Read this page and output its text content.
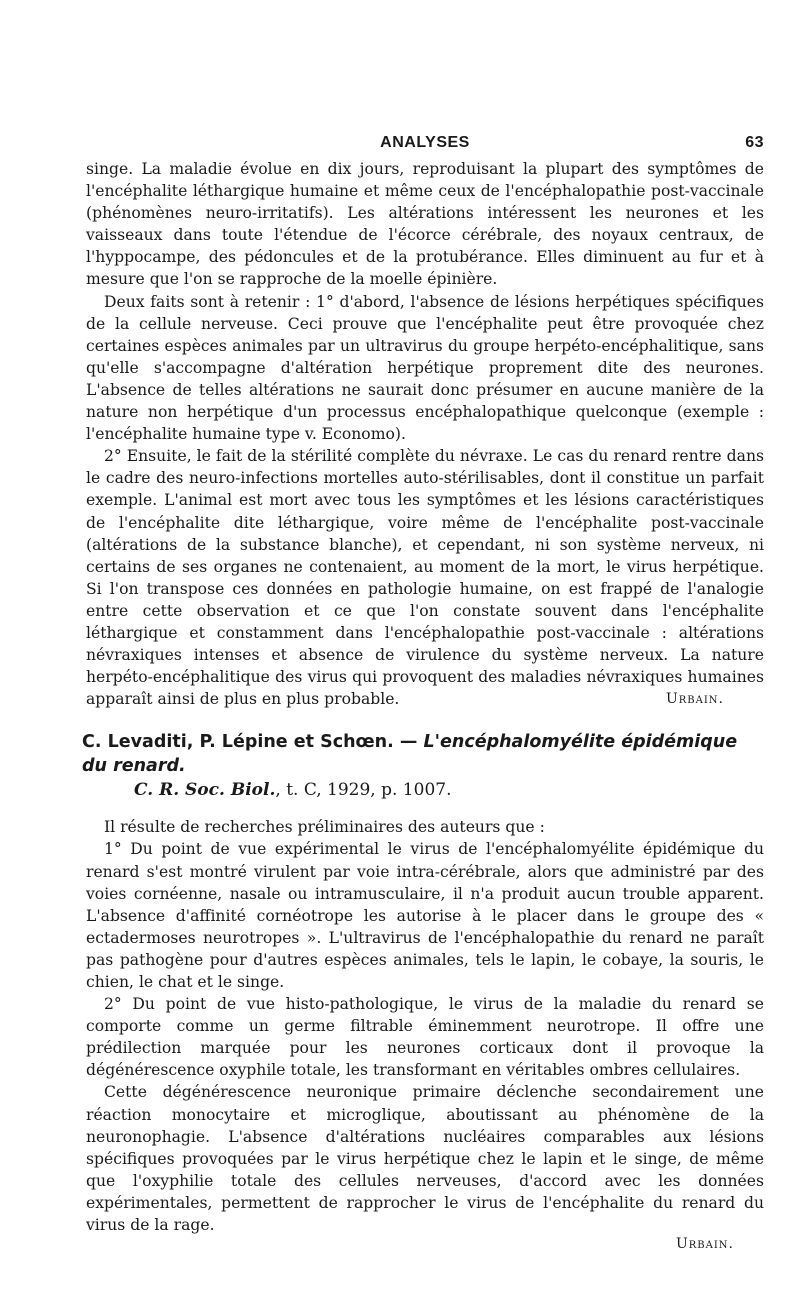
ANALYSES	63

singe. La maladie évolue en dix jours, reproduisant la plupart des symptômes de l'encéphalite léthargique humaine et même ceux de l'encéphalopathie post-vaccinale (phénomènes neuro-irritatifs). Les altérations intéressent les neurones et les vaisseaux dans toute l'étendue de l'écorce cérébrale, des noyaux centraux, de l'hyppocampe, des pédoncules et de la protubérance. Elles diminuent au fur et à mesure que l'on se rapproche de la moelle épinière.

Deux faits sont à retenir : 1° d'abord, l'absence de lésions herpétiques spécifiques de la cellule nerveuse. Ceci prouve que l'encéphalite peut être provoquée chez certaines espèces animales par un ultravirus du groupe herpéto-encéphalitique, sans qu'elle s'accompagne d'altération herpétique proprement dite des neurones. L'absence de telles altérations ne saurait donc présumer en aucune manière de la nature non herpétique d'un processus encéphalopathique quelconque (exemple : l'encéphalite humaine type v. Economo).

2° Ensuite, le fait de la stérilité complète du névraxe. Le cas du renard rentre dans le cadre des neuro-infections mortelles auto-stérilisables, dont il constitue un parfait exemple. L'animal est mort avec tous les symptômes et les lésions caractéristiques de l'encéphalite dite léthargique, voire même de l'encéphalite post-vaccinale (altérations de la substance blanche), et cependant, ni son système nerveux, ni certains de ses organes ne contenaient, au moment de la mort, le virus herpétique. Si l'on transpose ces données en pathologie humaine, on est frappé de l'analogie entre cette observation et ce que l'on constate souvent dans l'encéphalite léthargique et constamment dans l'encéphalopathie post-vaccinale : altérations névraxiques intenses et absence de virulence du système nerveux. La nature herpéto-encéphalitique des virus qui provoquent des maladies névraxiques humaines apparaît ainsi de plus en plus probable.	Urbain.

C. Levaditi, P. Lépine et Schœn. — L'encéphalomyélite épidémique du renard.
C. R. Soc. Biol., t. C, 1929, p. 1007.

Il résulte de recherches préliminaires des auteurs que :

1° Du point de vue expérimental le virus de l'encéphalomyélite épidémique du renard s'est montré virulent par voie intra-cérébrale, alors que administré par des voies cornéenne, nasale ou intramusculaire, il n'a produit aucun trouble apparent. L'absence d'affinité cornéotrope les autorise à le placer dans le groupe des « ectadermoses neurotropes ». L'ultravirus de l'encéphalopathie du renard ne paraît pas pathogène pour d'autres espèces animales, tels le lapin, le cobaye, la souris, le chien, le chat et le singe.

2° Du point de vue histo-pathologique, le virus de la maladie du renard se comporte comme un germe filtrable éminemment neurotrope. Il offre une prédilection marquée pour les neurones corticaux dont il provoque la dégénérescence oxyphile totale, les transformant en véritables ombres cellulaires.

Cette dégénérescence neuronique primaire déclenche secondairement une réaction monocytaire et microglique, aboutissant au phénomène de la neuronophagie. L'absence d'altérations nucléaires comparables aux lésions spécifiques provoquées par le virus herpétique chez le lapin et le singe, de même que l'oxyphilie totale des cellules nerveuses, d'accord avec les données expérimentales, permettent de rapprocher le virus de l'encéphalite du renard du virus de la rage.

Urbain.
